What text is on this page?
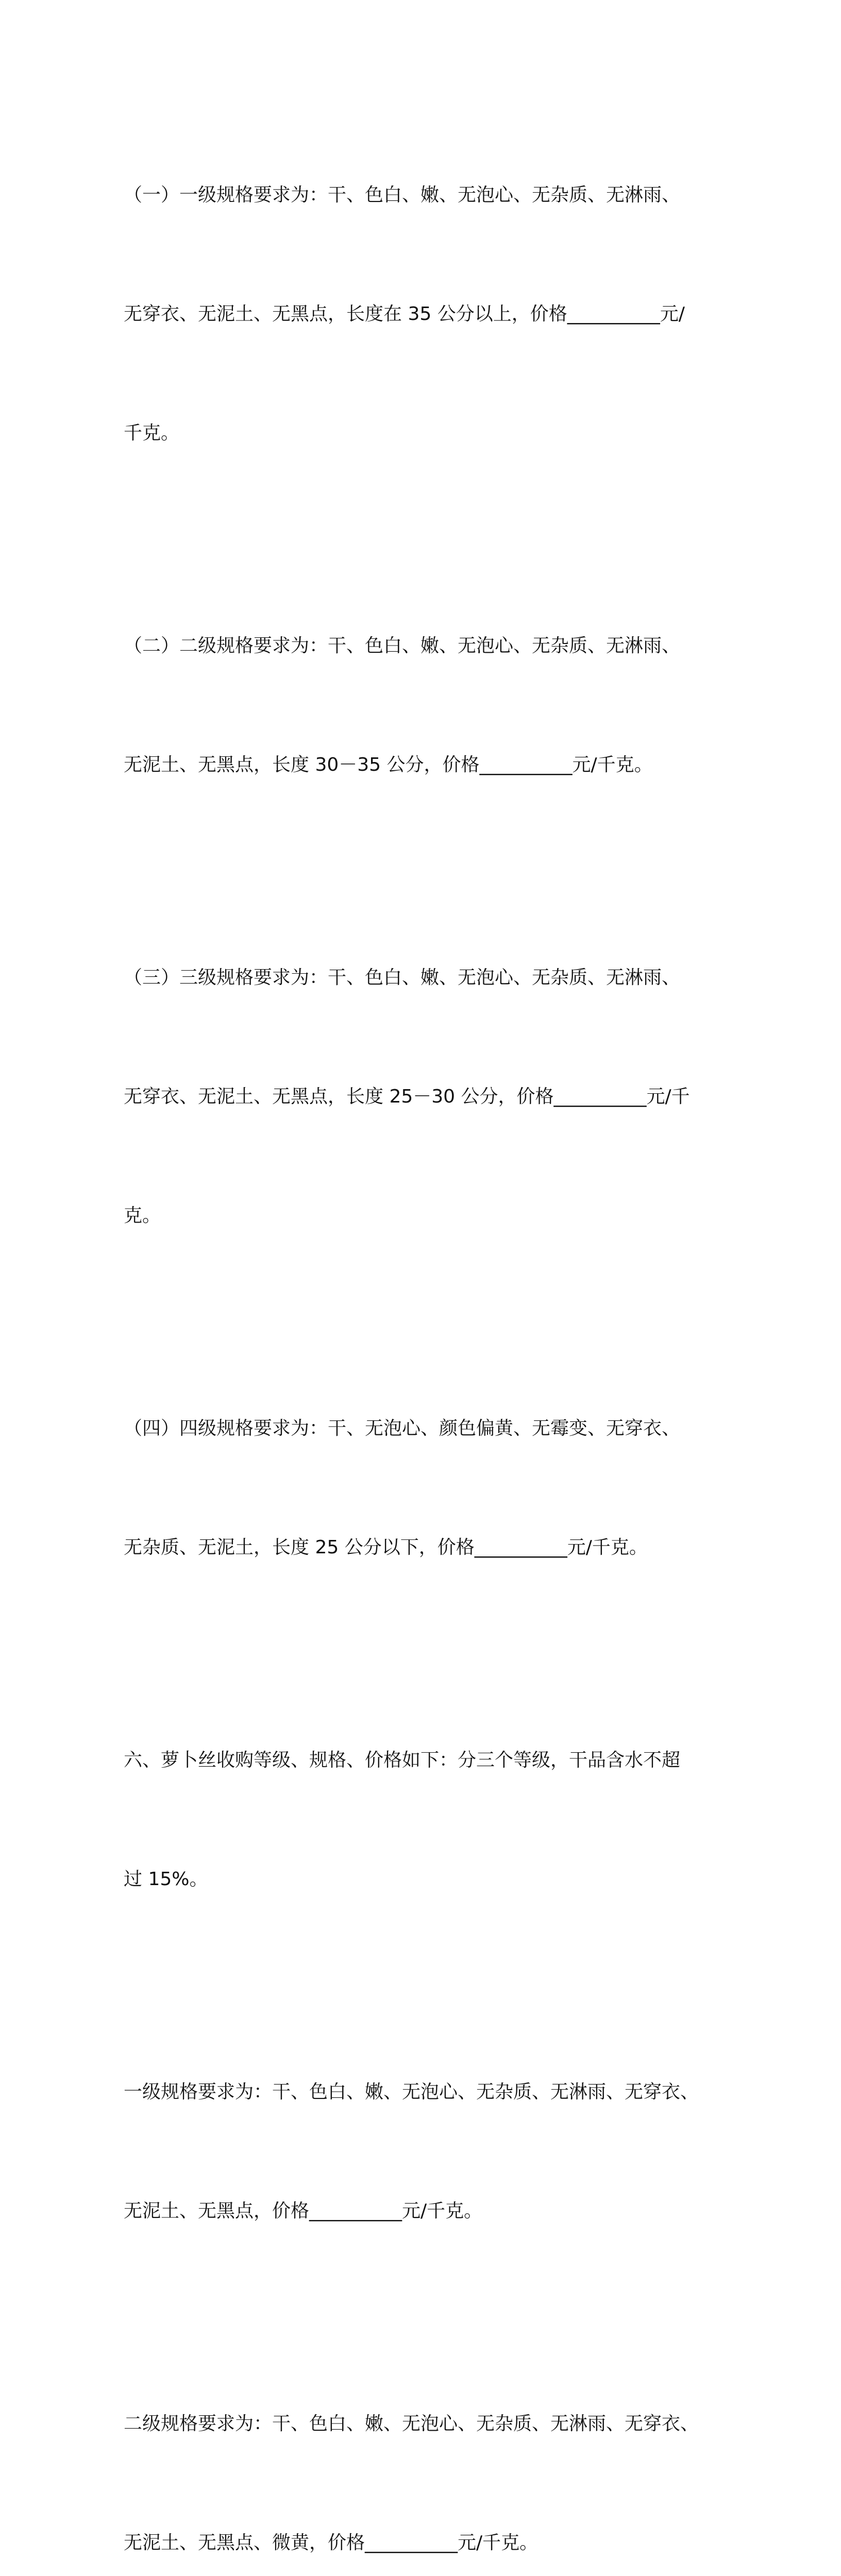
（一）一级规格要求为：干、色白、嫩、无泡心、无杂质、无淋雨、

无穿衣、无泥土、无黑点，长度在 35 公分以上，价格__________元/

千克。

（二）二级规格要求为：干、色白、嫩、无泡心、无杂质、无淋雨、

无泥土、无黑点，长度 30－35 公分，价格__________元/千克。

（三）三级规格要求为：干、色白、嫩、无泡心、无杂质、无淋雨、

无穿衣、无泥土、无黑点，长度 25－30 公分，价格__________元/千

克。

（四）四级规格要求为：干、无泡心、颜色偏黄、无霉变、无穿衣、

无杂质、无泥土，长度 25 公分以下，价格__________元/千克。

六、萝卜丝收购等级、规格、价格如下：分三个等级，干品含水不超

过 15%。

一级规格要求为：干、色白、嫩、无泡心、无杂质、无淋雨、无穿衣、

无泥土、无黑点，价格__________元/千克。

二级规格要求为：干、色白、嫩、无泡心、无杂质、无淋雨、无穿衣、

无泥土、无黑点、微黄，价格__________元/千克。
